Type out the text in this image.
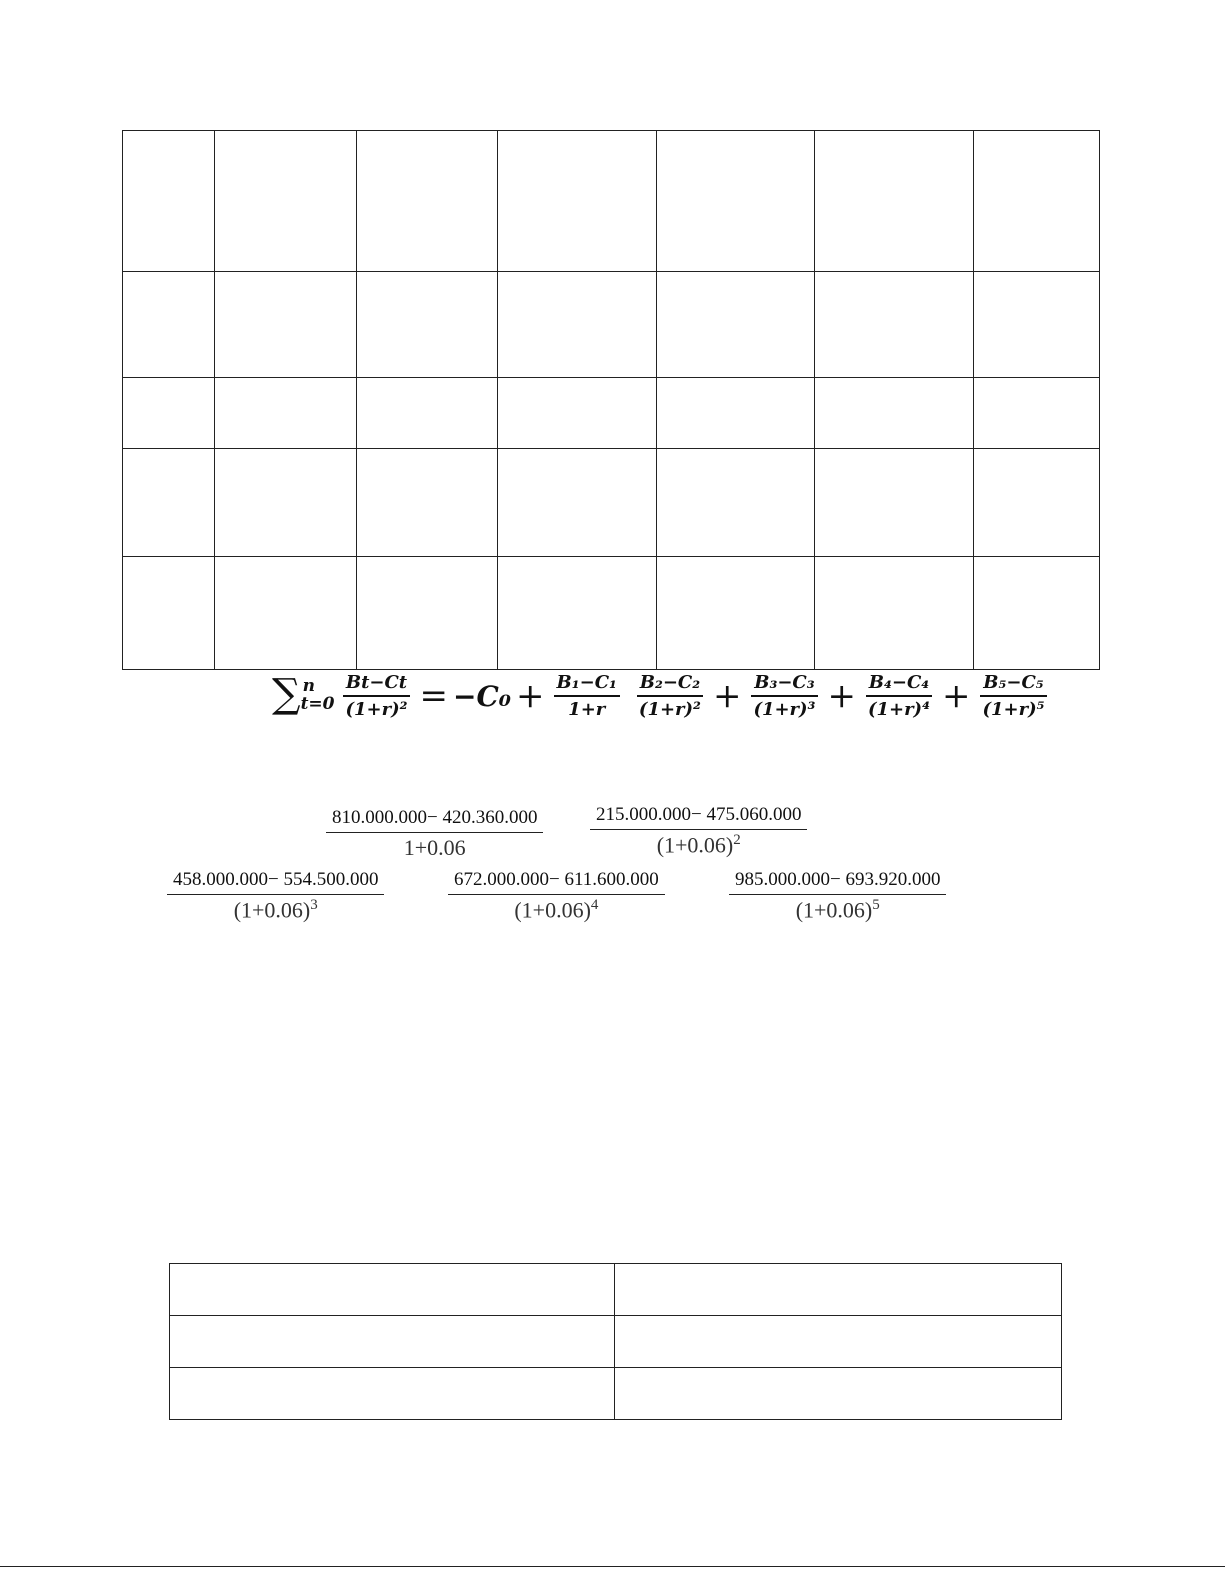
∑ n
$t=0 \frac{Bt-Ct}{\text{(1+r)²}} = -C_0 + \frac{\text{B₁−C₁}}{1+r} \frac{\text{B₂−C₂}}{\text{(1+r)²}} + \frac{\text{B₃−C₃}}{\text{(1+r)³}} + \frac{\text{B₄−C₄}}{\text{(1+r)⁴}} + \frac{\text{B₅−C₅}}{\text{(1+r)⁵}}$
$\frac{810.000.000- 420.360.000}{1+0.06} \frac{215.000.000- 475.060.000}{(1+0.06)^2}$
$\frac{458.000.000- 554.500.000}{(1+0.06)^3}$	$\frac{672.000.000- 611.600.000}{(1+0.06)^4}$	$\frac{985.000.000- 693.920.000}{(1+0.06)^5}$
